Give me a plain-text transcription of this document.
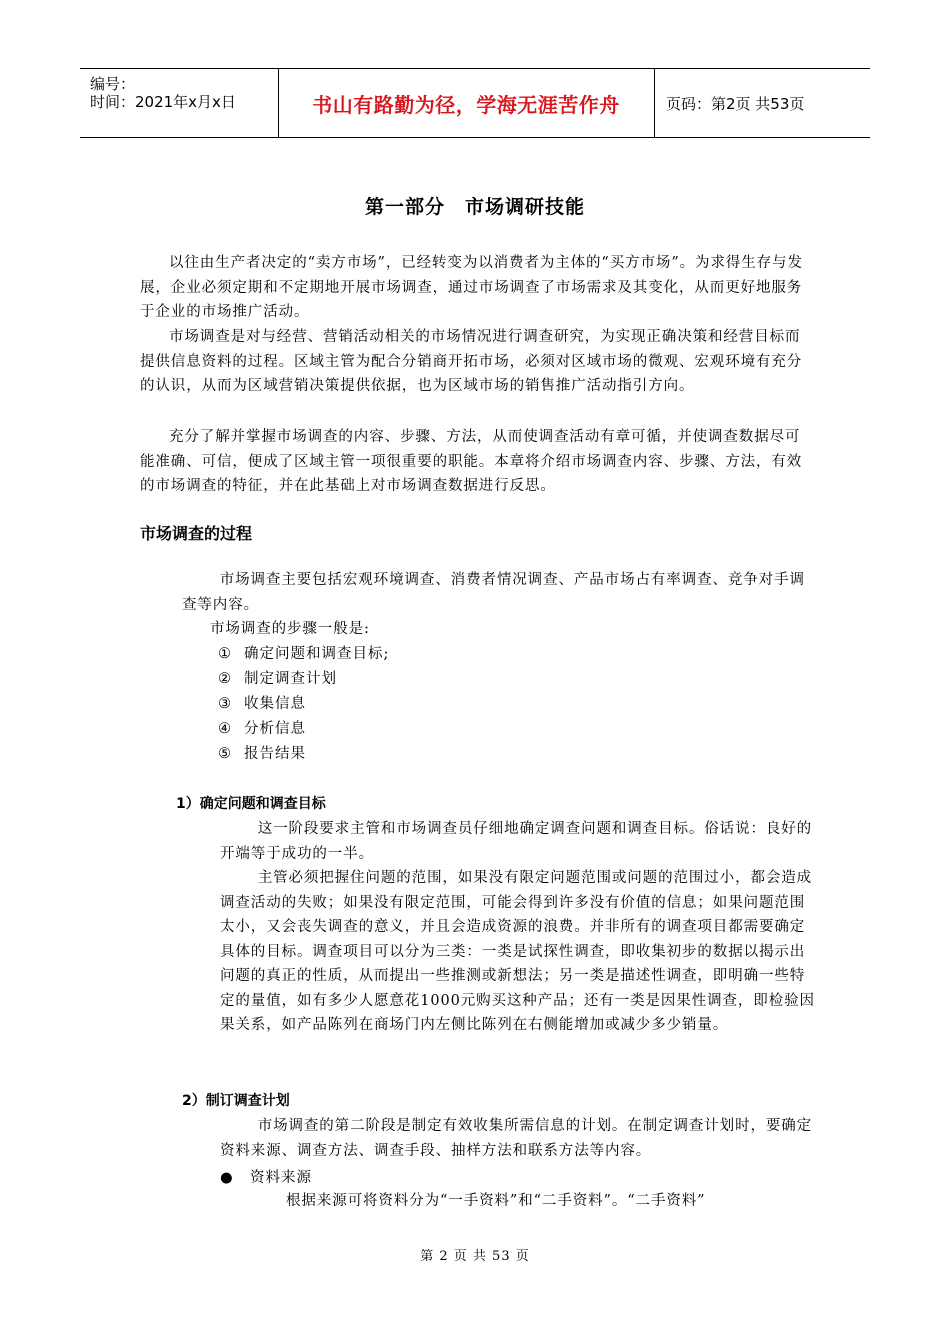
编号：
时间：2021年x月x日	书山有路勤为径，学海无涯苦作舟	页码：第2页 共53页
第一部分　市场调研技能
以往由生产者决定的“卖方市场”，已经转变为以消费者为主体的“买方市场”。为求得生存与发展，企业必须定期和不定期地开展市场调查，通过市场调查了市场需求及其变化，从而更好地服务于企业的市场推广活动。
市场调查是对与经营、营销活动相关的市场情况进行调查研究，为实现正确决策和经营目标而提供信息资料的过程。区域主管为配合分销商开拓市场，必须对区域市场的微观、宏观环境有充分的认识，从而为区域营销决策提供依据，也为区域市场的销售推广活动指引方向。
充分了解并掌握市场调查的内容、步骤、方法，从而使调查活动有章可循，并使调查数据尽可能准确、可信，便成了区域主管一项很重要的职能。本章将介绍市场调查内容、步骤、方法，有效的市场调查的特征，并在此基础上对市场调查数据进行反思。
市场调查的过程
市场调查主要包括宏观环境调查、消费者情况调查、产品市场占有率调查、竞争对手调查等内容。
市场调查的步骤一般是:
① 确定问题和调查目标;
② 制定调查计划
③ 收集信息
④ 分析信息
⑤ 报告结果
1）确定问题和调查目标
这一阶段要求主管和市场调查员仔细地确定调查问题和调查目标。俗话说：良好的开端等于成功的一半。
主管必须把握住问题的范围，如果没有限定问题范围或问题的范围过小，都会造成调查活动的失败；如果没有限定范围，可能会得到许多没有价值的信息；如果问题范围太小，又会丧失调查的意义，并且会造成资源的浪费。并非所有的调查项目都需要确定具体的目标。调查项目可以分为三类：一类是试探性调查，即收集初步的数据以揭示出问题的真正的性质，从而提出一些推测或新想法；另一类是描述性调查，即明确一些特定的量值，如有多少人愿意花1000元购买这种产品；还有一类是因果性调查，即检验因果关系，如产品陈列在商场门内左侧比陈列在右侧能增加或减少多少销量。
2）制订调查计划
市场调查的第二阶段是制定有效收集所需信息的计划。在制定调查计划时，要确定资料来源、调查方法、调查手段、抽样方法和联系方法等内容。
● 资料来源
根据来源可将资料分为“一手资料”和“二手资料”。“二手资料”
第 2 页 共 53 页
